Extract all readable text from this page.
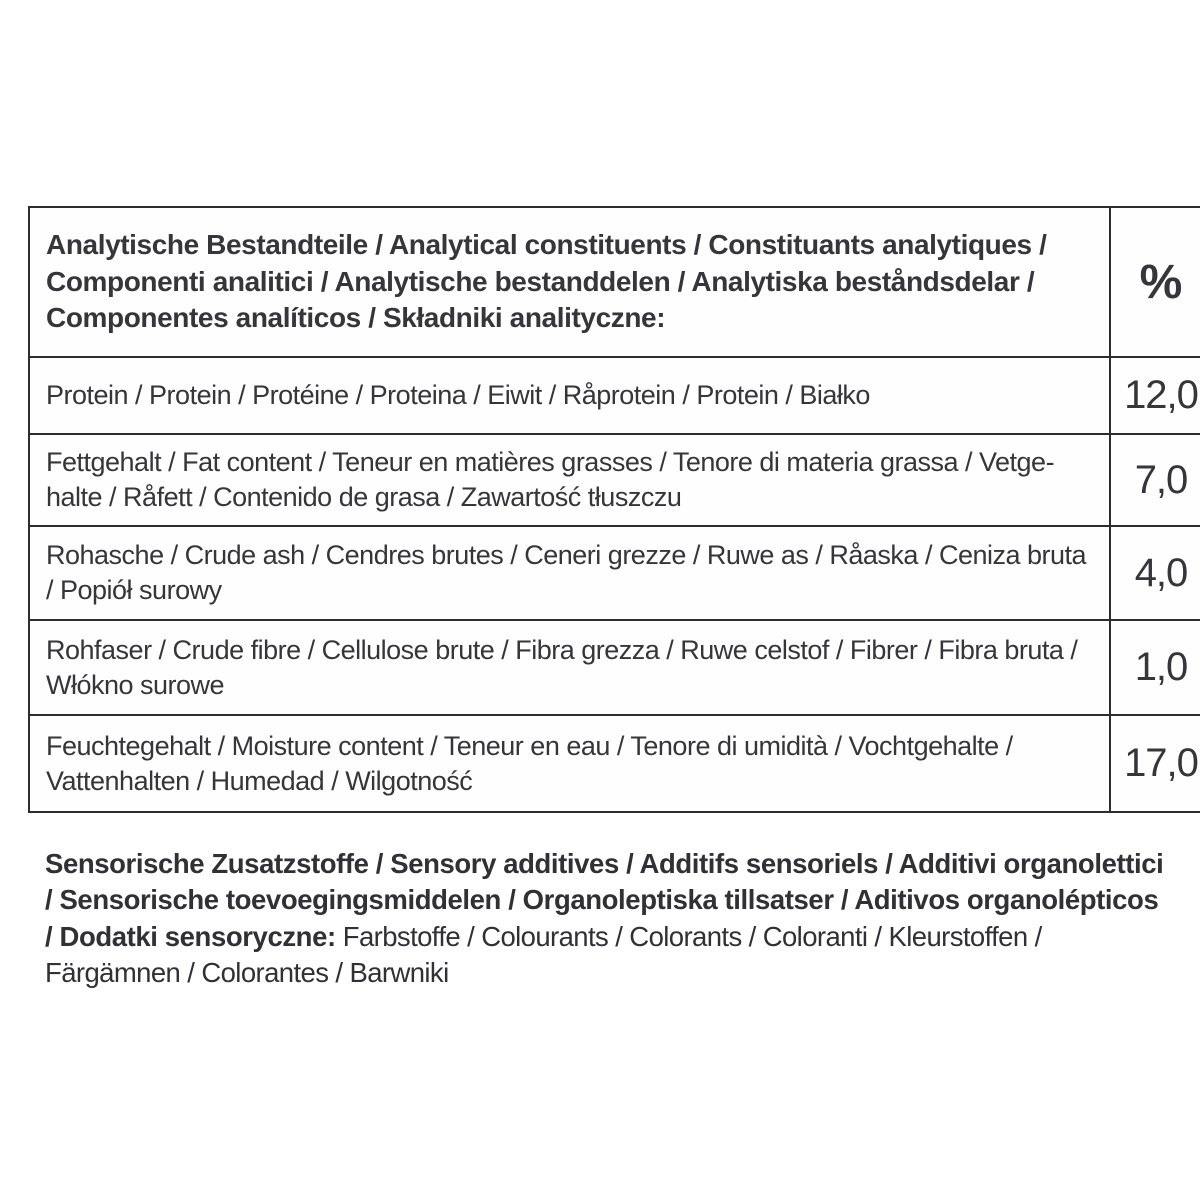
Analytische Bestandteile / Analytical constituents / Constituants analytiques / Componenti analitici / Analytische bestanddelen / Analytiska beståndsdelar / Componentes analíticos / Składniki analityczne:	%
Protein / Protein / Protéine / Proteina / Eiwit / Råprotein / Protein / Białko	12,0
Fettgehalt / Fat content / Teneur en matières grasses / Tenore di materia grassa / Vetge-halte / Råfett / Contenido de grasa / Zawartość tłuszczu	7,0
Rohasche / Crude ash / Cendres brutes / Ceneri grezze / Ruwe as / Råaska / Ceniza bruta / Popiół surowy	4,0
Rohfaser / Crude fibre / Cellulose brute / Fibra grezza / Ruwe celstof / Fibrer / Fibra bruta / Włókno surowe	1,0
Feuchtegehalt / Moisture content / Teneur en eau / Tenore di umidità / Vochtgehalte / Vattenhalten / Humedad / Wilgotność	17,0

Sensorische Zusatzstoffe / Sensory additives / Additifs sensoriels / Additivi organolettici / Sensorische toevoegingsmiddelen / Organoleptiska tillsatser / Aditivos organolépticos / Dodatki sensoryczne: Farbstoffe / Colourants / Colorants / Coloranti / Kleurstoffen / Färgämnen / Colorantes / Barwniki
